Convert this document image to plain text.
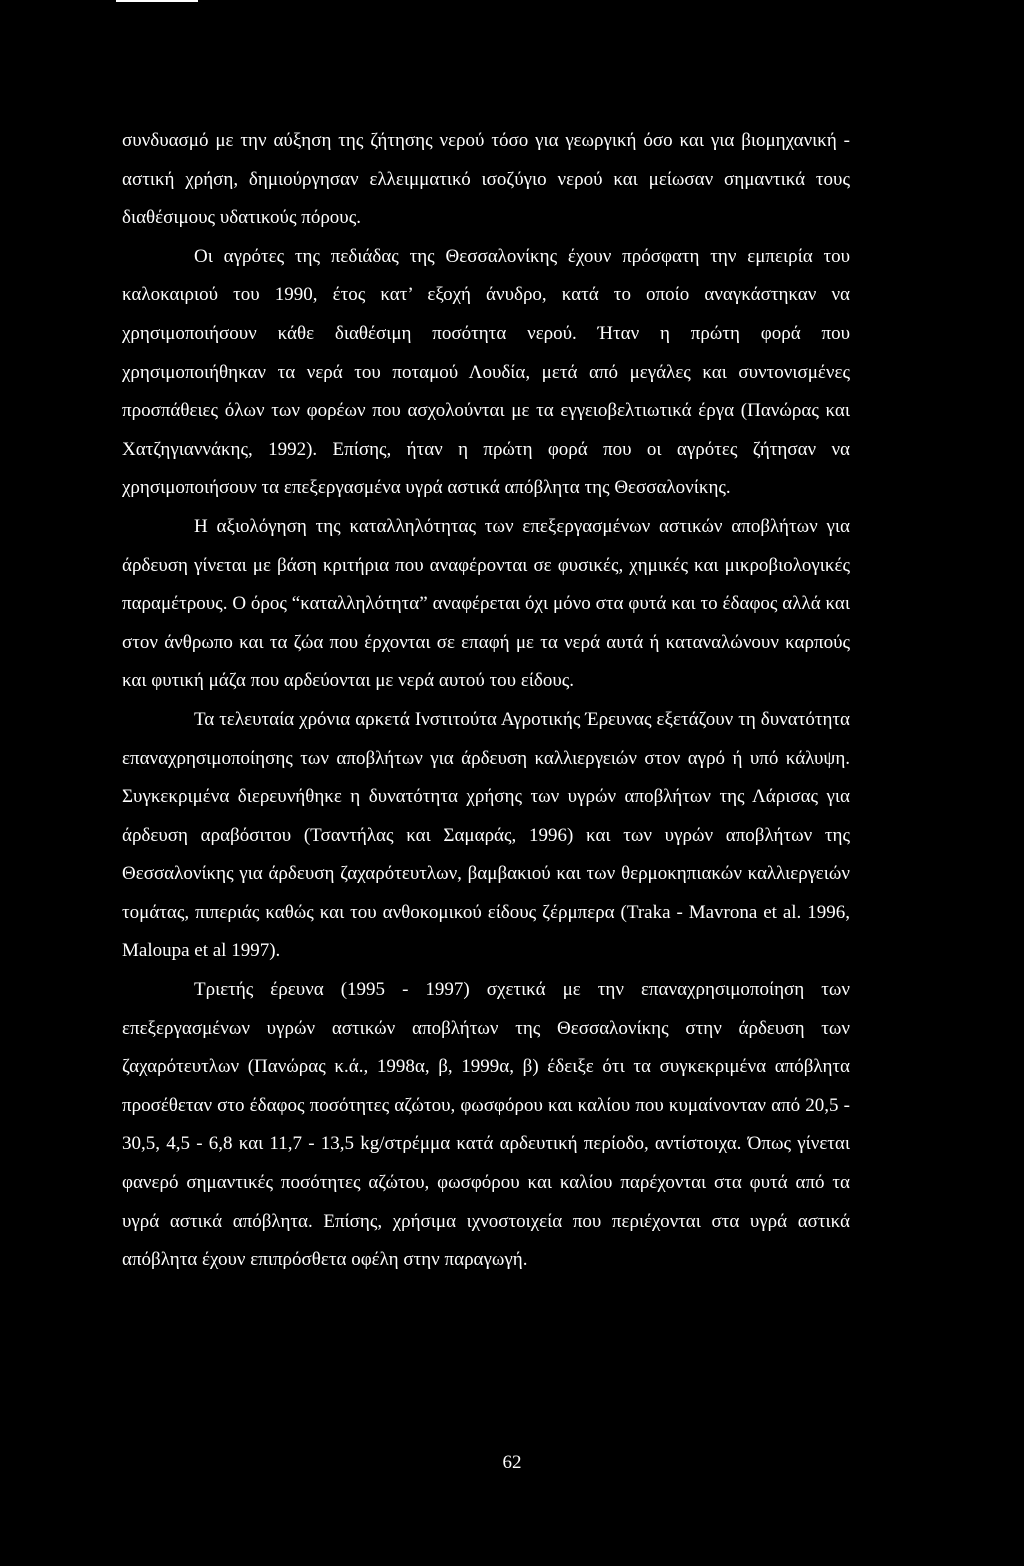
συνδυασμό με την αύξηση της ζήτησης νερού τόσο για γεωργική όσο και για βιομηχανική - αστική χρήση, δημιούργησαν ελλειμματικό ισοζύγιο νερού και μείωσαν σημαντικά τους διαθέσιμους υδατικούς πόρους.

Οι αγρότες της πεδιάδας της Θεσσαλονίκης έχουν πρόσφατη την εμπειρία του καλοκαιριού του 1990, έτος κατ’ εξοχή άνυδρο, κατά το οποίο αναγκάστηκαν να χρησιμοποιήσουν κάθε διαθέσιμη ποσότητα νερού. Ήταν η πρώτη φορά που χρησιμοποιήθηκαν τα νερά του ποταμού Λουδία, μετά από μεγάλες και συντονισμένες προσπάθειες όλων των φορέων που ασχολούνται με τα εγγειοβελτιωτικά έργα (Πανώρας και Χατζηγιαννάκης, 1992). Επίσης, ήταν η πρώτη φορά που οι αγρότες ζήτησαν να χρησιμοποιήσουν τα επεξεργασμένα υγρά αστικά απόβλητα της Θεσσαλονίκης.

Η αξιολόγηση της καταλληλότητας των επεξεργασμένων αστικών αποβλήτων για άρδευση γίνεται με βάση κριτήρια που αναφέρονται σε φυσικές, χημικές και μικροβιολογικές παραμέτρους. Ο όρος “καταλληλότητα” αναφέρεται όχι μόνο στα φυτά και το έδαφος αλλά και στον άνθρωπο και τα ζώα που έρχονται σε επαφή με τα νερά αυτά ή καταναλώνουν καρπούς και φυτική μάζα που αρδεύονται με νερά αυτού του είδους.

Τα τελευταία χρόνια αρκετά Ινστιτούτα Αγροτικής Έρευνας εξετάζουν τη δυνατότητα επαναχρησιμοποίησης των αποβλήτων για άρδευση καλλιεργειών στον αγρό ή υπό κάλυψη. Συγκεκριμένα διερευνήθηκε η δυνατότητα χρήσης των υγρών αποβλήτων της Λάρισας για άρδευση αραβόσιτου (Τσαντήλας και Σαμαράς, 1996) και των υγρών αποβλήτων της Θεσσαλονίκης για άρδευση ζαχαρότευτλων, βαμβακιού και των θερμοκηπιακών καλλιεργειών τομάτας, πιπεριάς καθώς και του ανθοκομικού είδους ζέρμπερα (Traka - Mavrona et al. 1996, Maloupa et al 1997).

Τριετής έρευνα (1995 - 1997) σχετικά με την επαναχρησιμοποίηση των επεξεργασμένων υγρών αστικών αποβλήτων της Θεσσαλονίκης στην άρδευση των ζαχαρότευτλων (Πανώρας κ.ά., 1998α, β, 1999α, β) έδειξε ότι τα συγκεκριμένα απόβλητα προσέθεταν στο έδαφος ποσότητες αζώτου, φωσφόρου και καλίου που κυμαίνονταν από 20,5 - 30,5, 4,5 - 6,8 και 11,7 - 13,5 kg/στρέμμα κατά αρδευτική περίοδο, αντίστοιχα. Όπως γίνεται φανερό σημαντικές ποσότητες αζώτου, φωσφόρου και καλίου παρέχονται στα φυτά από τα υγρά αστικά απόβλητα. Επίσης, χρήσιμα ιχνοστοιχεία που περιέχονται στα υγρά αστικά απόβλητα έχουν επιπρόσθετα οφέλη στην παραγωγή.

62
